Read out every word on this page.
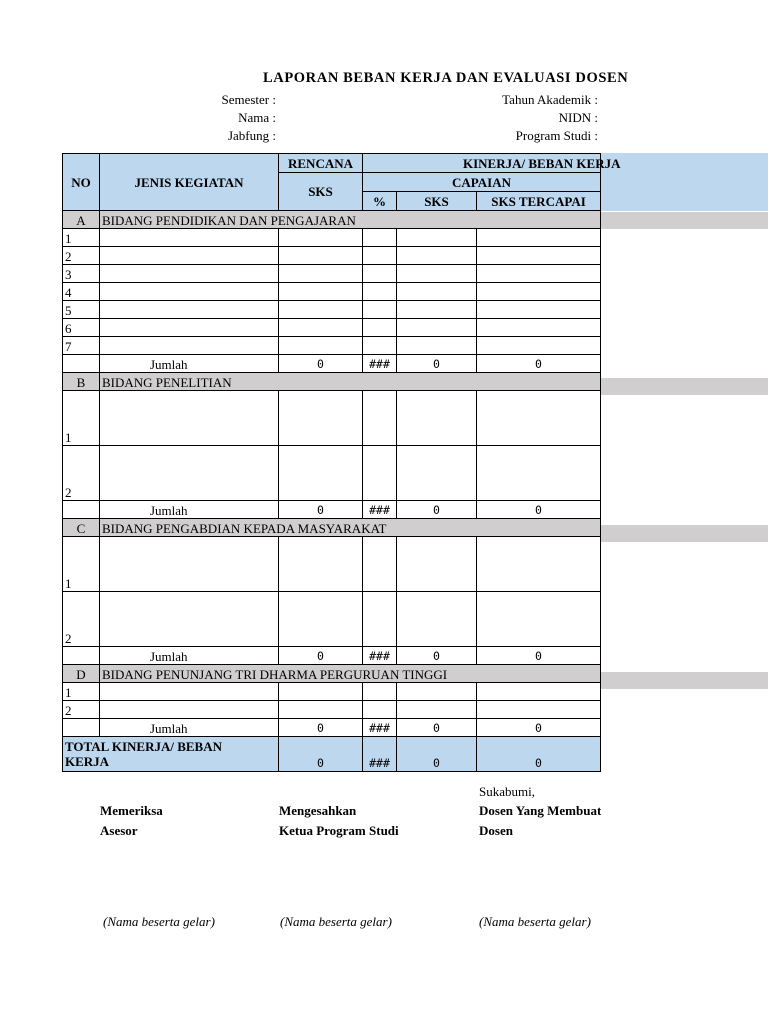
LAPORAN BEBAN KERJA DAN EVALUASI DOSEN
Semester :
Nama :
Jabfung :
Tahun Akademik :
NIDN :
Program Studi :
NO	JENIS KEGIATAN	RENCANA	KINERJA/ BEBAN KERJA		
		SKS	CAPAIAN		
			%	SKS	SKS TERCAPAI
A	BIDANG PENDIDIKAN DAN PENGAJARAN				
1					
2					
3					
4					
5					
6					
7					
	Jumlah	0	###	0	0
B	BIDANG PENELITIAN				
1					
2					
	Jumlah	0	###	0	0
C	BIDANG PENGABDIAN KEPADA MASYARAKAT				
1					
2					
	Jumlah	0	###	0	0
D	BIDANG PENUNJANG TRI DHARMA PERGURUAN TINGGI				
1					
2					
	Jumlah	0	###	0	0
TOTAL KINERJA/ BEBAN KERJA		0	###	0	0
Sukabumi,
Memeriksa
Asesor
Mengesahkan
Ketua Program Studi
Dosen Yang Membuat
Dosen
(Nama beserta gelar)	(Nama beserta gelar)	(Nama beserta gelar)
